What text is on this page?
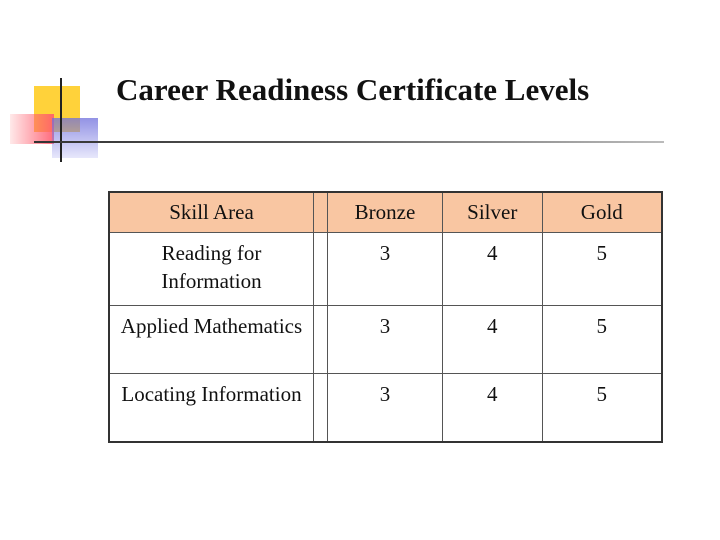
Career Readiness Certificate Levels
Skill Area		Bronze	Silver	Gold
Reading for Information		3	4	5
Applied Mathematics		3	4	5
Locating Information		3	4	5
